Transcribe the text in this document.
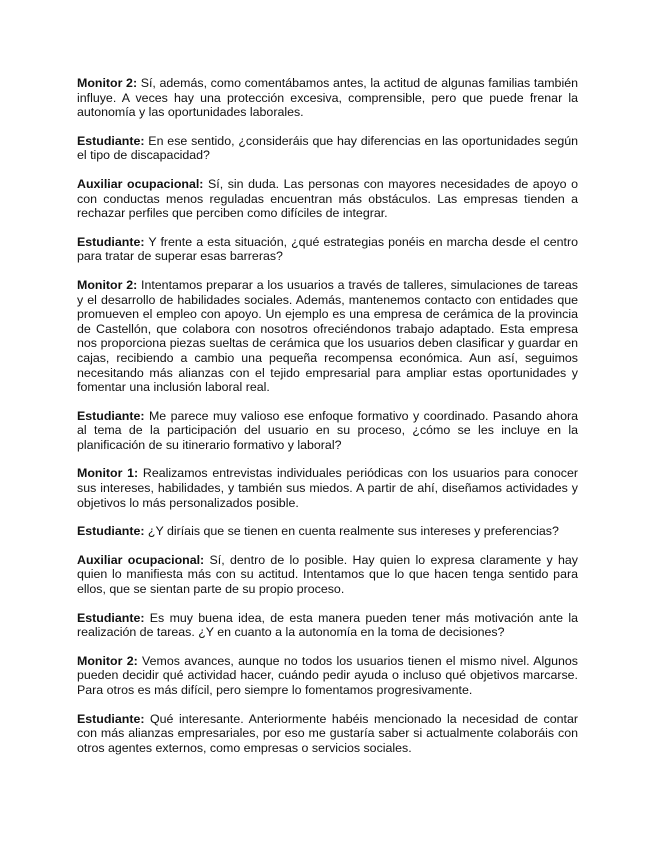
Monitor 2: Sí, además, como comentábamos antes, la actitud de algunas familias también influye. A veces hay una protección excesiva, comprensible, pero que puede frenar la autonomía y las oportunidades laborales.

Estudiante: En ese sentido, ¿consideráis que hay diferencias en las oportunidades según el tipo de discapacidad?

Auxiliar ocupacional: Sí, sin duda. Las personas con mayores necesidades de apoyo o con conductas menos reguladas encuentran más obstáculos. Las empresas tienden a rechazar perfiles que perciben como difíciles de integrar.

Estudiante: Y frente a esta situación, ¿qué estrategias ponéis en marcha desde el centro para tratar de superar esas barreras?

Monitor 2: Intentamos preparar a los usuarios a través de talleres, simulaciones de tareas y el desarrollo de habilidades sociales. Además, mantenemos contacto con entidades que promueven el empleo con apoyo. Un ejemplo es una empresa de cerámica de la provincia de Castellón, que colabora con nosotros ofreciéndonos trabajo adaptado. Esta empresa nos proporciona piezas sueltas de cerámica que los usuarios deben clasificar y guardar en cajas, recibiendo a cambio una pequeña recompensa económica. Aun así, seguimos necesitando más alianzas con el tejido empresarial para ampliar estas oportunidades y fomentar una inclusión laboral real.

Estudiante: Me parece muy valioso ese enfoque formativo y coordinado. Pasando ahora al tema de la participación del usuario en su proceso, ¿cómo se les incluye en la planificación de su itinerario formativo y laboral?

Monitor 1: Realizamos entrevistas individuales periódicas con los usuarios para conocer sus intereses, habilidades, y también sus miedos. A partir de ahí, diseñamos actividades y objetivos lo más personalizados posible.

Estudiante: ¿Y diríais que se tienen en cuenta realmente sus intereses y preferencias?

Auxiliar ocupacional: Sí, dentro de lo posible. Hay quien lo expresa claramente y hay quien lo manifiesta más con su actitud. Intentamos que lo que hacen tenga sentido para ellos, que se sientan parte de su propio proceso.

Estudiante: Es muy buena idea, de esta manera pueden tener más motivación ante la realización de tareas. ¿Y en cuanto a la autonomía en la toma de decisiones?

Monitor 2: Vemos avances, aunque no todos los usuarios tienen el mismo nivel. Algunos pueden decidir qué actividad hacer, cuándo pedir ayuda o incluso qué objetivos marcarse. Para otros es más difícil, pero siempre lo fomentamos progresivamente.

Estudiante: Qué interesante. Anteriormente habéis mencionado la necesidad de contar con más alianzas empresariales, por eso me gustaría saber si actualmente colaboráis con otros agentes externos, como empresas o servicios sociales.
